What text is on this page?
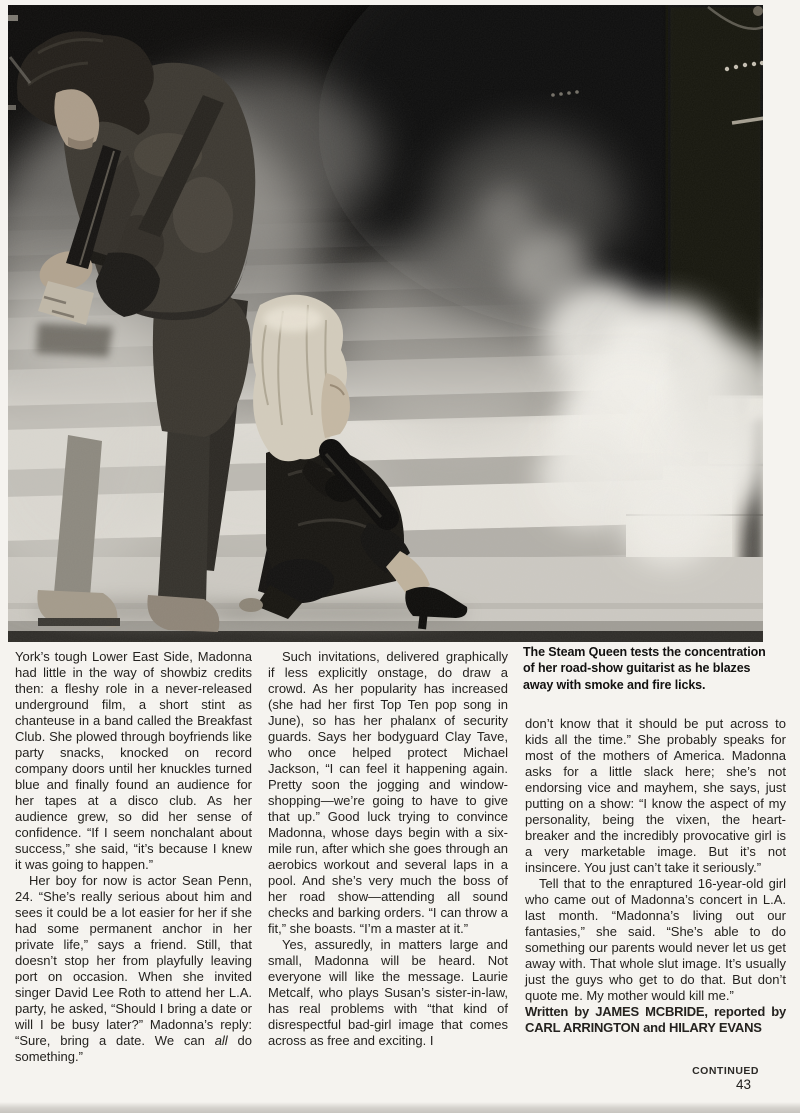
The Steam Queen tests the concentration
of her road-show guitarist as he blazes
away with smoke and fire licks.

York’s tough Lower East Side, Madonna had little in the way of showbiz credits then: a fleshy role in a never-released underground film, a short stint as chanteuse in a band called the Breakfast Club. She plowed through boyfriends like party snacks, knocked on record company doors until her knuckles turned blue and finally found an audience for her tapes at a disco club. As her audience grew, so did her sense of confidence. “If I seem nonchalant about success,” she said, “it’s because I knew it was going to happen.”

Her boy for now is actor Sean Penn, 24. “She’s really serious about him and sees it could be a lot easier for her if she had some permanent anchor in her private life,” says a friend. Still, that doesn’t stop her from playfully leaving port on occasion. When she invited singer David Lee Roth to attend her L.A. party, he asked, “Should I bring a date or will I be busy later?” Madonna’s reply: “Sure, bring a date. We can all do something.”

Such invitations, delivered graphically if less explicitly onstage, do draw a crowd. As her popularity has increased (she had her first Top Ten pop song in June), so has her phalanx of security guards. Says her bodyguard Clay Tave, who once helped protect Michael Jackson, “I can feel it happening again. Pretty soon the jogging and window-shopping—we’re going to have to give that up.” Good luck trying to convince Madonna, whose days begin with a six-mile run, after which she goes through an aerobics workout and several laps in a pool. And she’s very much the boss of her road show—attending all sound checks and barking orders. “I can throw a fit,” she boasts. “I’m a master at it.”

Yes, assuredly, in matters large and small, Madonna will be heard. Not everyone will like the message. Laurie Metcalf, who plays Susan’s sister-in-law, has real problems with “that kind of disrespectful bad-girl image that comes across as free and exciting. I

don’t know that it should be put across to kids all the time.” She probably speaks for most of the mothers of America. Madonna asks for a little slack here; she’s not endorsing vice and mayhem, she says, just putting on a show: “I know the aspect of my personality, being the vixen, the heart-breaker and the incredibly provocative girl is a very marketable image. But it’s not insincere. You just can’t take it seriously.”

Tell that to the enraptured 16-year-old girl who came out of Madonna’s concert in L.A. last month. “Madonna’s living out our fantasies,” she said. “She’s able to do something our parents would never let us get away with. That whole slut image. It’s usually just the guys who get to do that. But don’t quote me. My mother would kill me.”

Written by JAMES MCBRIDE, reported by CARL ARRINGTON and HILARY EVANS

CONTINUED
43
